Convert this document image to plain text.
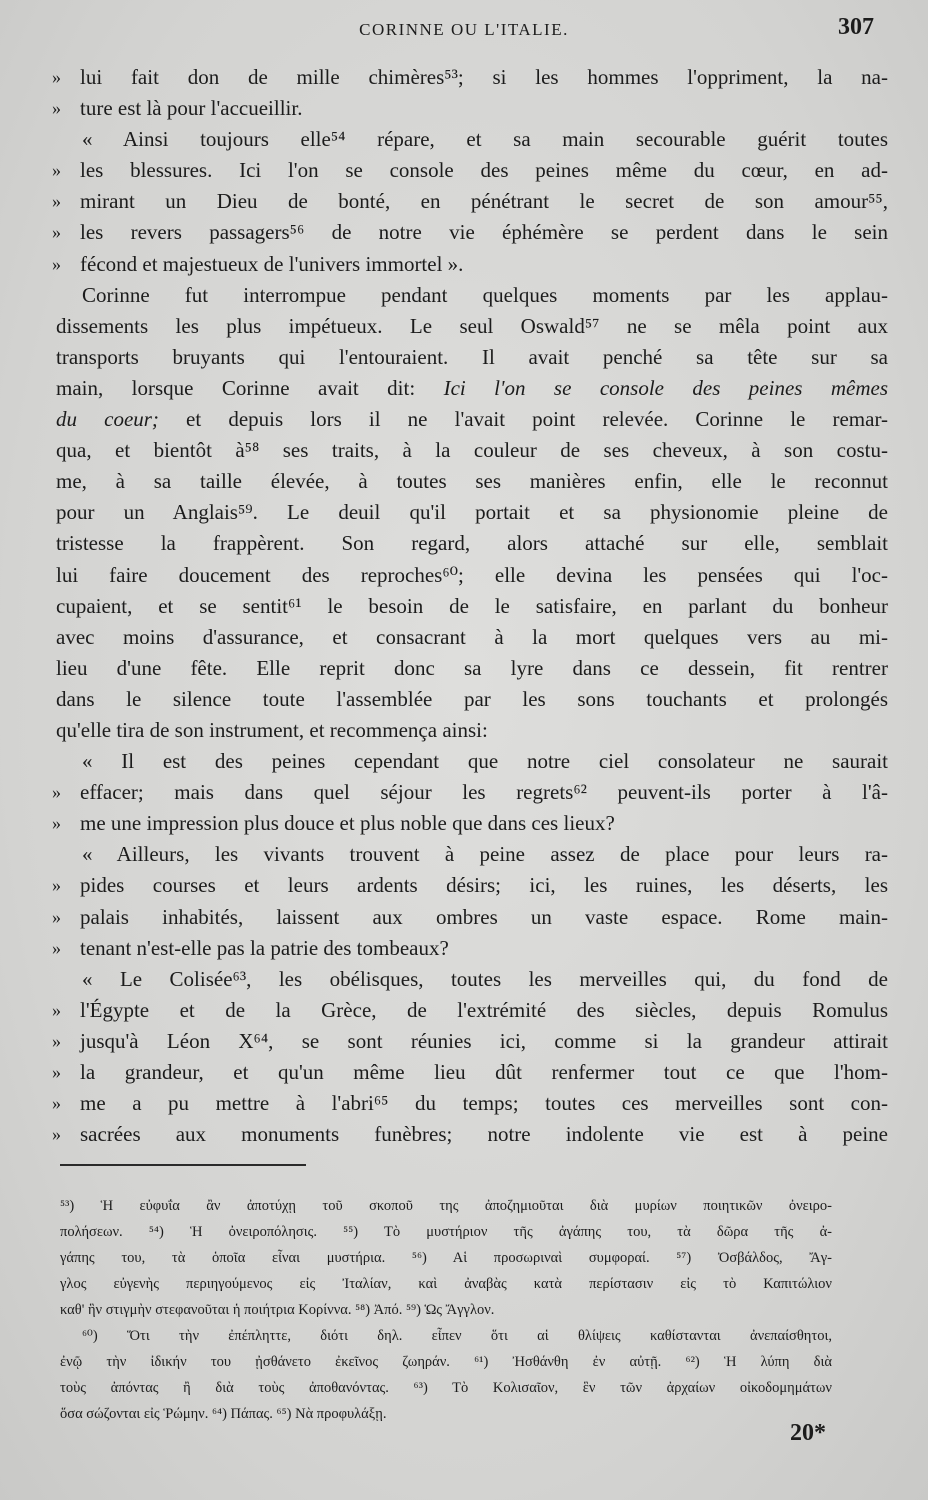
CORINNE OU L'ITALIE.	307
» lui fait don de mille chimères⁵³; si les hommes l'oppriment, la na-
» ture est là pour l'accueillir.
« Ainsi toujours elle⁵⁴ répare, et sa main secourable guérit toutes
» les blessures. Ici l'on se console des peines même du cœur, en ad-
» mirant un Dieu de bonté, en pénétrant le secret de son amour⁵⁵,
» les revers passagers⁵⁶ de notre vie éphémère se perdent dans le sein
» fécond et majestueux de l'univers immortel ».
Corinne fut interrompue pendant quelques moments par les applau-
dissements les plus impétueux. Le seul Oswald⁵⁷ ne se mêla point aux
transports bruyants qui l'entouraient. Il avait penché sa tête sur sa
main, lorsque Corinne avait dit: Ici l'on se console des peines mêmes
du coeur; et depuis lors il ne l'avait point relevée. Corinne le remar-
qua, et bientôt à⁵⁸ ses traits, à la couleur de ses cheveux, à son costu-
me, à sa taille élevée, à toutes ses manières enfin, elle le reconnut
pour un Anglais⁵⁹. Le deuil qu'il portait et sa physionomie pleine de
tristesse la frappèrent. Son regard, alors attaché sur elle, semblait
lui faire doucement des reproches⁶⁰; elle devina les pensées qui l'oc-
cupaient, et se sentit⁶¹ le besoin de le satisfaire, en parlant du bonheur
avec moins d'assurance, et consacrant à la mort quelques vers au mi-
lieu d'une fête. Elle reprit donc sa lyre dans ce dessein, fit rentrer
dans le silence toute l'assemblée par les sons touchants et prolongés
qu'elle tira de son instrument, et recommença ainsi:
« Il est des peines cependant que notre ciel consolateur ne saurait
» effacer; mais dans quel séjour les regrets⁶² peuvent-ils porter à l'â-
» me une impression plus douce et plus noble que dans ces lieux?
« Ailleurs, les vivants trouvent à peine assez de place pour leurs ra-
» pides courses et leurs ardents désirs; ici, les ruines, les déserts, les
» palais inhabités, laissent aux ombres un vaste espace. Rome main-
» tenant n'est-elle pas la patrie des tombeaux?
« Le Colisée⁶³, les obélisques, toutes les merveilles qui, du fond de
» l'Égypte et de la Grèce, de l'extrémité des siècles, depuis Romulus
» jusqu'à Léon X⁶⁴, se sont réunies ici, comme si la grandeur attirait
» la grandeur, et qu'un même lieu dût renfermer tout ce que l'hom-
» me a pu mettre à l'abri⁶⁵ du temps; toutes ces merveilles sont con-
» sacrées aux monuments funèbres; notre indolente vie est à peine
⁵³) Ἡ εὐφυΐα ἂν ἀποτύχῃ τοῦ σκοποῦ της ἀποζημιοῦται διὰ μυρίων ποιητικῶν ὀνειρο-
πολήσεων. ⁵⁴) Ἡ ὀνειροπόλησις. ⁵⁵) Τὸ μυστήριον τῆς ἀγάπης του, τὰ δῶρα τῆς ἀ-
γάπης του, τὰ ὁποῖα εἶναι μυστήρια. ⁵⁶) Αἱ προσωριναὶ συμφοραί. ⁵⁷) Ὀσβάλδος, Ἄγ-
γλος εὐγενὴς περιηγούμενος εἰς Ἰταλίαν, καὶ ἀναβὰς κατὰ περίστασιν εἰς τὸ Καπιτώλιον
καθ' ἣν στιγμὴν στεφανοῦται ἡ ποιήτρια Κορίννα. ⁵⁸) Ἀπό. ⁵⁹) Ὡς Ἄγγλον.
⁶⁰) Ὅτι τὴν ἐπέπληττε, διότι δηλ. εἶπεν ὅτι αἱ θλίψεις καθίστανται ἀνεπαίσθητοι,
ἐνῷ τὴν ἰδικήν του ᾐσθάνετο ἐκεῖνος ζωηράν. ⁶¹) Ἠσθάνθη ἐν αὐτῇ. ⁶²) Ἡ λύπη διὰ
τοὺς ἀπόντας ἢ διὰ τοὺς ἀποθανόντας. ⁶³) Τὸ Κολισαῖον, ἓν τῶν ἀρχαίων οἰκοδομημάτων
ὅσα σώζονται εἰς Ῥώμην. ⁶⁴) Πάπας. ⁶⁵) Νὰ προφυλάξῃ.
20*
